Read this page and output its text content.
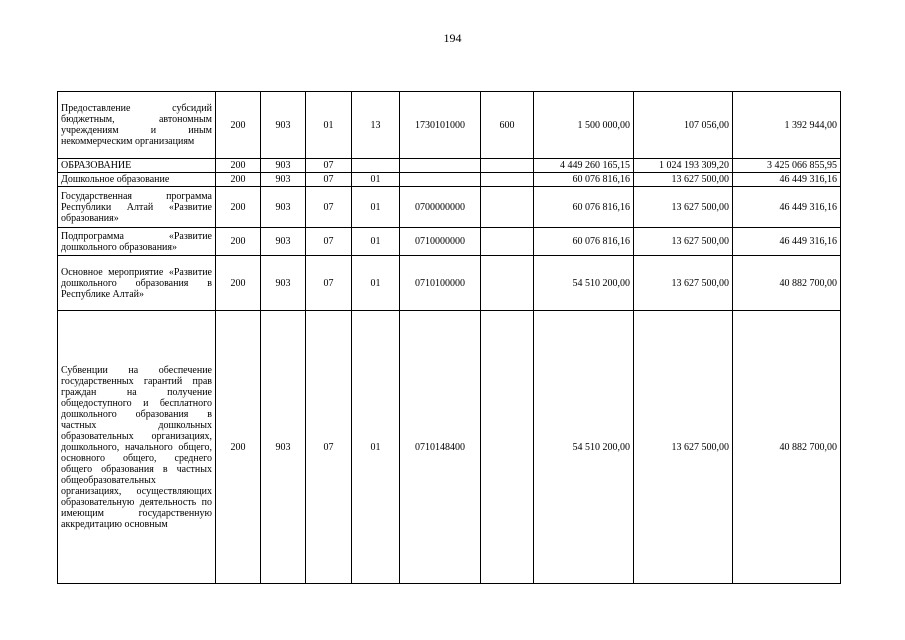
194
Предоставление субсидий бюджетным, автономным учреждениям и иным некоммерческим организациям	200	903	01	13	1730101000	600	1 500 000,00	107 056,00	1 392 944,00
ОБРАЗОВАНИЕ	200	903	07				4 449 260 165,15	1 024 193 309,20	3 425 066 855,95
Дошкольное образование	200	903	07	01			60 076 816,16	13 627 500,00	46 449 316,16
Государственная программа Республики Алтай «Развитие образования»	200	903	07	01	0700000000		60 076 816,16	13 627 500,00	46 449 316,16
Подпрограмма «Развитие дошкольного образования»	200	903	07	01	0710000000		60 076 816,16	13 627 500,00	46 449 316,16
Основное мероприятие «Развитие дошкольного образования в Республике Алтай»	200	903	07	01	0710100000		54 510 200,00	13 627 500,00	40 882 700,00
Субвенции на обеспечение государственных гарантий прав граждан на получение общедоступного и бесплатного дошкольного образования в частных дошкольных образовательных организациях, дошкольного, начального общего, основного общего, среднего общего образования в частных общеобразовательных организациях, осуществляющих образовательную деятельность по имеющим государственную аккредитацию основным	200	903	07	01	0710148400		54 510 200,00	13 627 500,00	40 882 700,00
